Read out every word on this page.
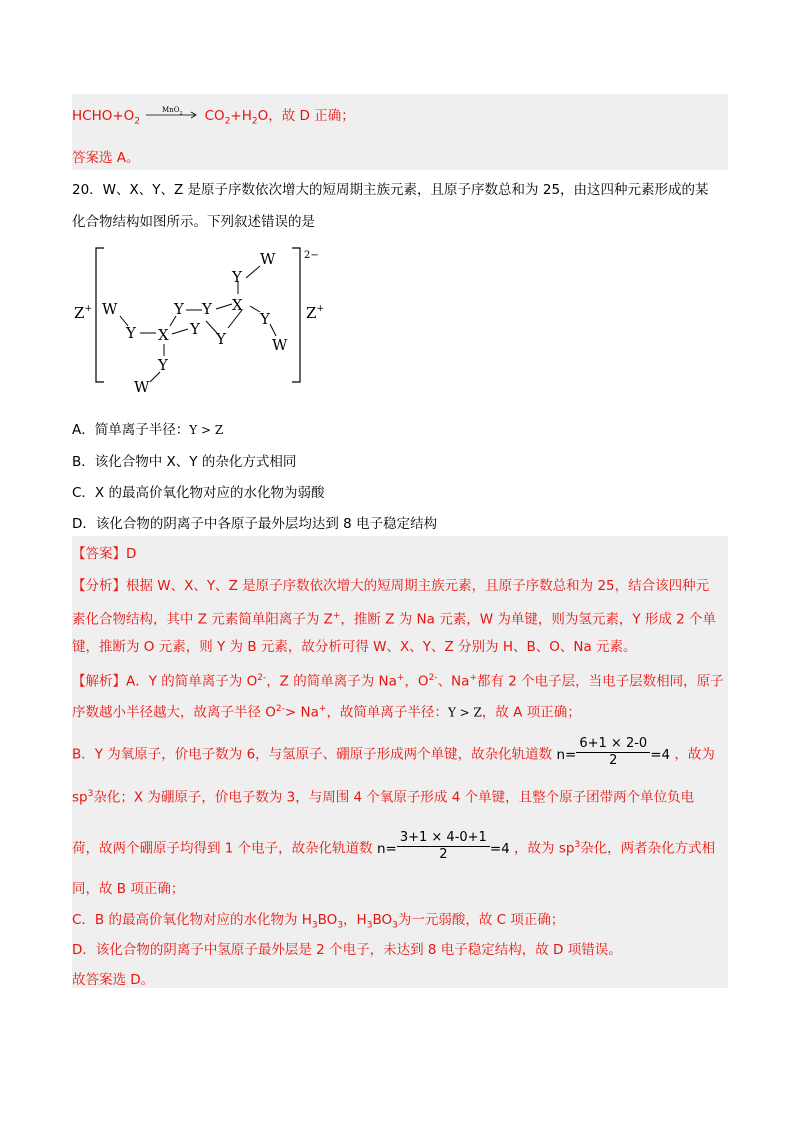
$HCHO+O_2$
MnO$_2$	$CO_2+H_2O$，故 D 正确；
答案选 A。
20．W、X、Y、Z 是原子序数依次增大的短周期主族元素，且原子序数总和为 25，由这四种元素形成的某
化合物结构如图所示。下列叙述错误的是
Z+
2−
Z+
W
Y X
Y
Y
Y
Y
X
Y
W
Y
W
Y
W
A．简单离子半径：Y > Z
B．该化合物中 X、Y 的杂化方式相同
C．X 的最高价氧化物对应的水化物为弱酸
D．该化合物的阴离子中各原子最外层均达到 8 电子稳定结构
【答案】D
【分析】根据 W、X、Y、Z 是原子序数依次增大的短周期主族元素，且原子序数总和为 25，结合该四种元
素化合物结构，其中 Z 元素简单阳离子为 Z+，推断 Z 为 Na 元素，W 为单键，则为氢元素，Y 形成 2 个单
键，推断为 O 元素，则 Y 为 B 元素，故分析可得 W、X、Y、Z 分别为 H、B、O、Na 元素。
【解析】A．Y 的简单离子为 $O^{2-}$，Z 的简单离子为 Na+，$O^{2-}$、Na+都有 2 个电子层，当电子层数相同，原子
序数越小半径越大，故离子半径 $O^{2-}> Na^+$，故简单离子半径：Y > Z，故 A 项正确；
B．Y 为氧原子，价电子数为 6，与氢原子、硼原子形成两个单键，故杂化轨道数 $n= \frac{6+1 \times 2-0}{2} =4$ ，故为
$sp^3$杂化；X 为硼原子，价电子数为 3，与周围 4 个氧原子形成 4 个单键，且整个原子团带两个单位负电
荷，故两个硼原子均得到 1 个电子，故杂化轨道数 $n= \frac{3+1 \times 4-0+1}{2} =4$ ，故为 $sp^3$杂化，两者杂化方式相
同，故 B 项正确；
C．B 的最高价氧化物对应的水化物为 $H_3BO_3$，$H_3BO_3$为一元弱酸，故 C 项正确；
D．该化合物的阴离子中氢原子最外层是 2 个电子，未达到 8 电子稳定结构，故 D 项错误。
故答案选 D。
